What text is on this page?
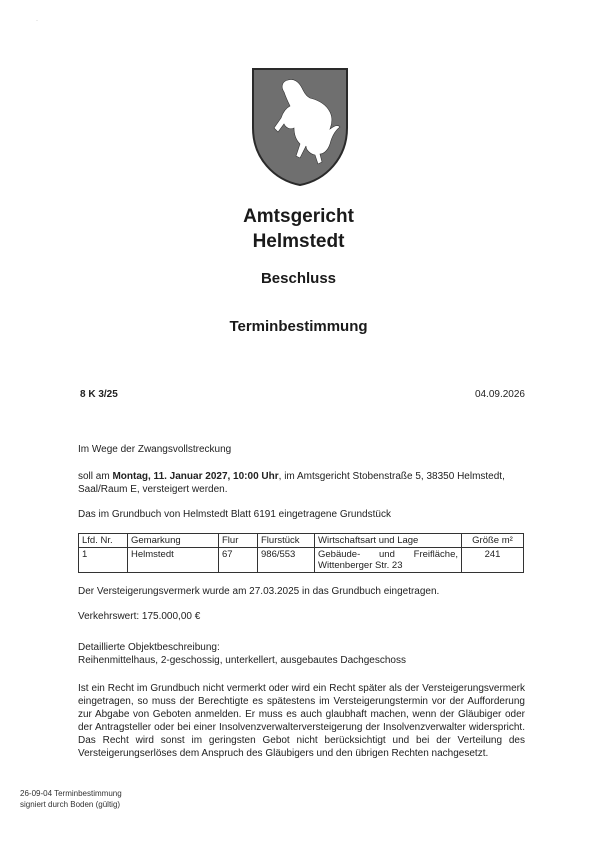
·
Amtsgericht
Helmstedt
Beschluss
Terminbestimmung
8 K 3/25	04.09.2026
Im Wege der Zwangsvollstreckung
soll am Montag, 11. Januar 2027, 10:00 Uhr, im Amtsgericht Stobenstraße 5, 38350 Helmstedt, Saal/Raum E, versteigert werden.
Das im Grundbuch von Helmstedt Blatt 6191 eingetragene Grundstück
Lfd. Nr.	Gemarkung	Flur	Flurstück	Wirtschaftsart und Lage	Größe m²
1	Helmstedt	67	986/553	Gebäude- und Freifläche, Wittenberger Str. 23	241
Der Versteigerungsvermerk wurde am 27.03.2025 in das Grundbuch eingetragen.
Verkehrswert: 175.000,00 €
Detaillierte Objektbeschreibung:
Reihenmittelhaus, 2-geschossig, unterkellert, ausgebautes Dachgeschoss
Ist ein Recht im Grundbuch nicht vermerkt oder wird ein Recht später als der Versteigerungsvermerk eingetragen, so muss der Berechtigte es spätestens im Versteigerungstermin vor der Aufforderung zur Abgabe von Geboten anmelden. Er muss es auch glaubhaft machen, wenn der Gläubiger oder der Antragsteller oder bei einer Insolvenzverwalterversteigerung der Insolvenzverwalter widerspricht. Das Recht wird sonst im geringsten Gebot nicht berücksichtigt und bei der Verteilung des Versteigerungserlöses dem Anspruch des Gläubigers und den übrigen Rechten nachgesetzt.
26-09-04 Terminbestimmung
signiert durch Boden (gültig)
